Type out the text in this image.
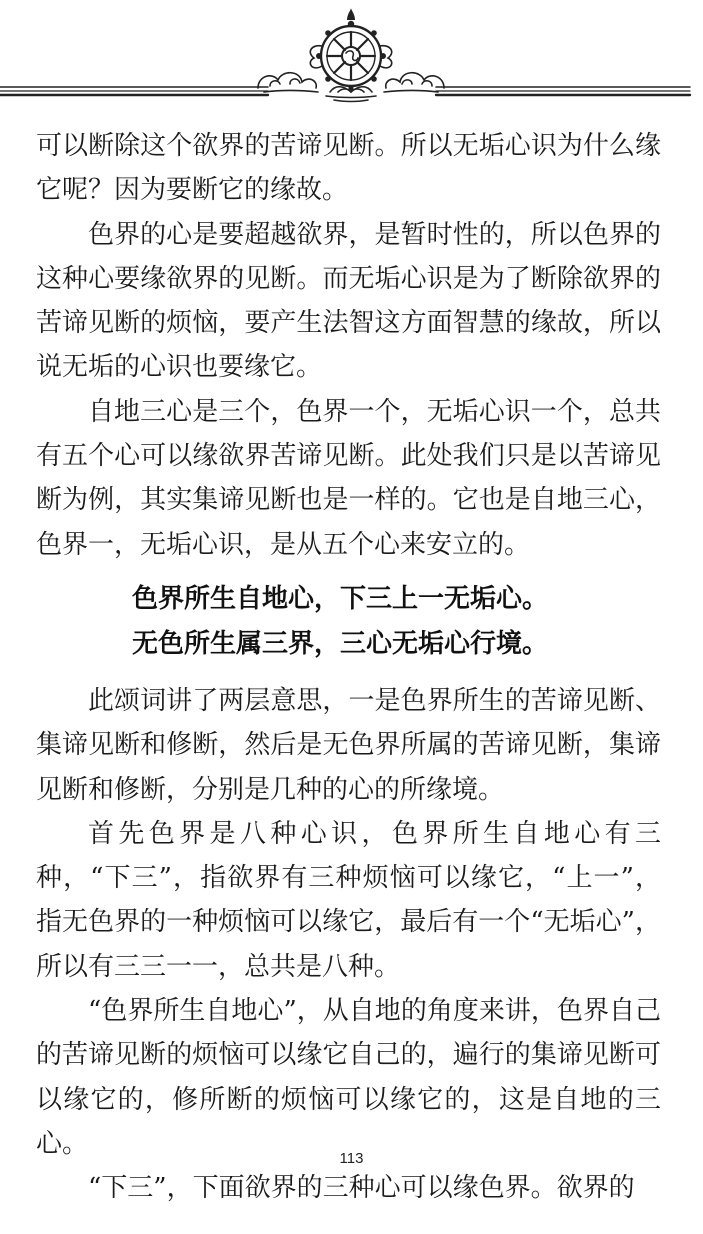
可以断除这个欲界的苦谛见断。所以无垢心识为什么缘它呢？因为要断它的缘故。

色界的心是要超越欲界，是暂时性的，所以色界的这种心要缘欲界的见断。而无垢心识是为了断除欲界的苦谛见断的烦恼，要产生法智这方面智慧的缘故，所以说无垢的心识也要缘它。

自地三心是三个，色界一个，无垢心识一个，总共有五个心可以缘欲界苦谛见断。此处我们只是以苦谛见断为例，其实集谛见断也是一样的。它也是自地三心，色界一，无垢心识，是从五个心来安立的。

色界所生自地心，下三上一无垢心。

无色所生属三界，三心无垢心行境。

此颂词讲了两层意思，一是色界所生的苦谛见断、集谛见断和修断，然后是无色界所属的苦谛见断，集谛见断和修断，分别是几种的心的所缘境。

首先色界是八种心识，色界所生自地心有三种，“下三”，指欲界有三种烦恼可以缘它，“上一”，指无色界的一种烦恼可以缘它，最后有一个“无垢心”，所以有三三一一，总共是八种。

“色界所生自地心”，从自地的角度来讲，色界自己的苦谛见断的烦恼可以缘它自己的，遍行的集谛见断可以缘它的，修所断的烦恼可以缘它的，这是自地的三心。

“下三”，下面欲界的三种心可以缘色界。欲界的

113
